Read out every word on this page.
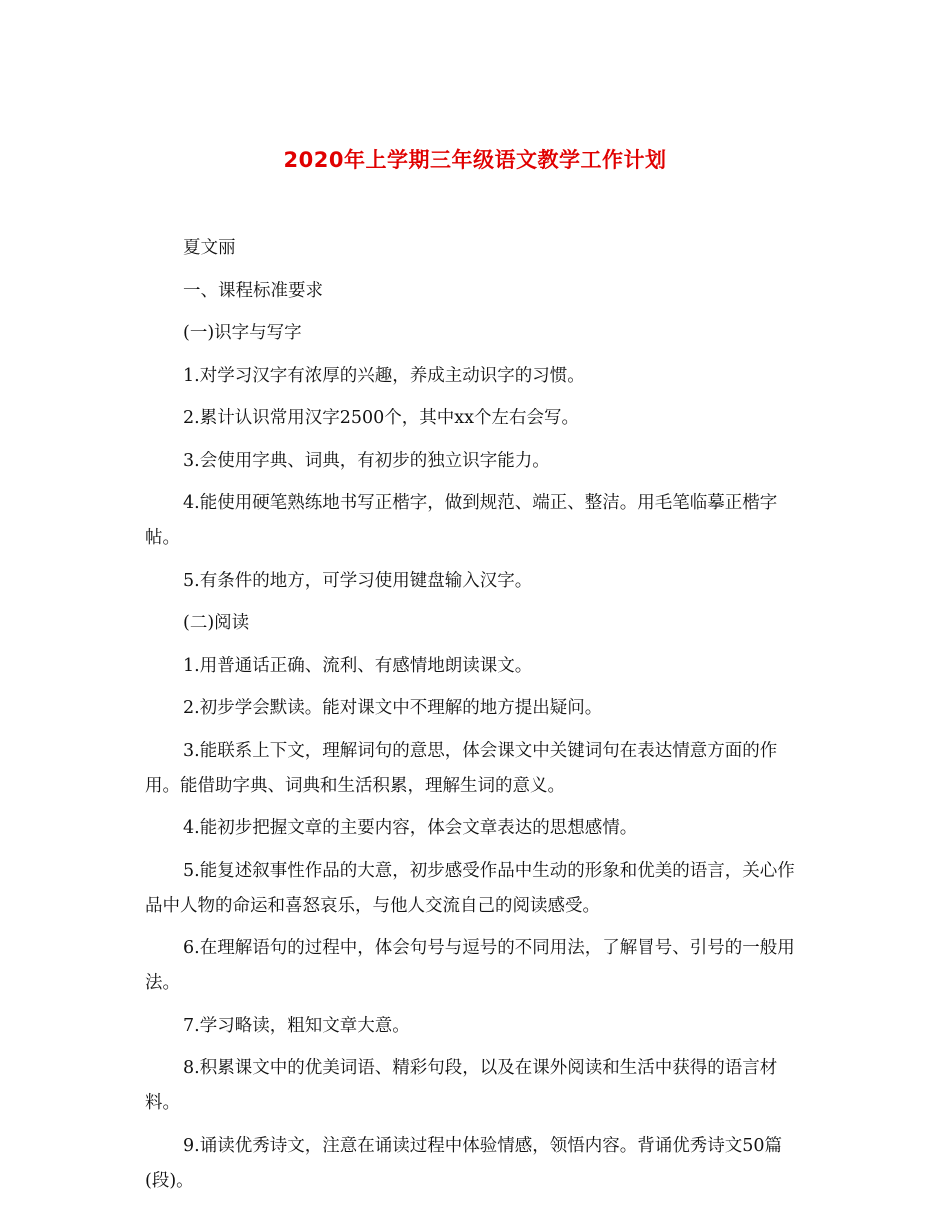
2020年上学期三年级语文教学工作计划

夏文丽

一、课程标准要求

(一)识字与写字

1.对学习汉字有浓厚的兴趣，养成主动识字的习惯。

2.累计认识常用汉字2500个，其中xx个左右会写。

3.会使用字典、词典，有初步的独立识字能力。

4.能使用硬笔熟练地书写正楷字，做到规范、端正、整洁。用毛笔临摹正楷字帖。

5.有条件的地方，可学习使用键盘输入汉字。

(二)阅读

1.用普通话正确、流利、有感情地朗读课文。

2.初步学会默读。能对课文中不理解的地方提出疑问。

3.能联系上下文，理解词句的意思，体会课文中关键词句在表达情意方面的作用。能借助字典、词典和生活积累，理解生词的意义。

4.能初步把握文章的主要内容，体会文章表达的思想感情。

5.能复述叙事性作品的大意，初步感受作品中生动的形象和优美的语言，关心作品中人物的命运和喜怒哀乐，与他人交流自己的阅读感受。

6.在理解语句的过程中，体会句号与逗号的不同用法，了解冒号、引号的一般用法。

7.学习略读，粗知文章大意。

8.积累课文中的优美词语、精彩句段，以及在课外阅读和生活中获得的语言材料。

9.诵读优秀诗文，注意在诵读过程中体验情感，领悟内容。背诵优秀诗文50篇(段)。
